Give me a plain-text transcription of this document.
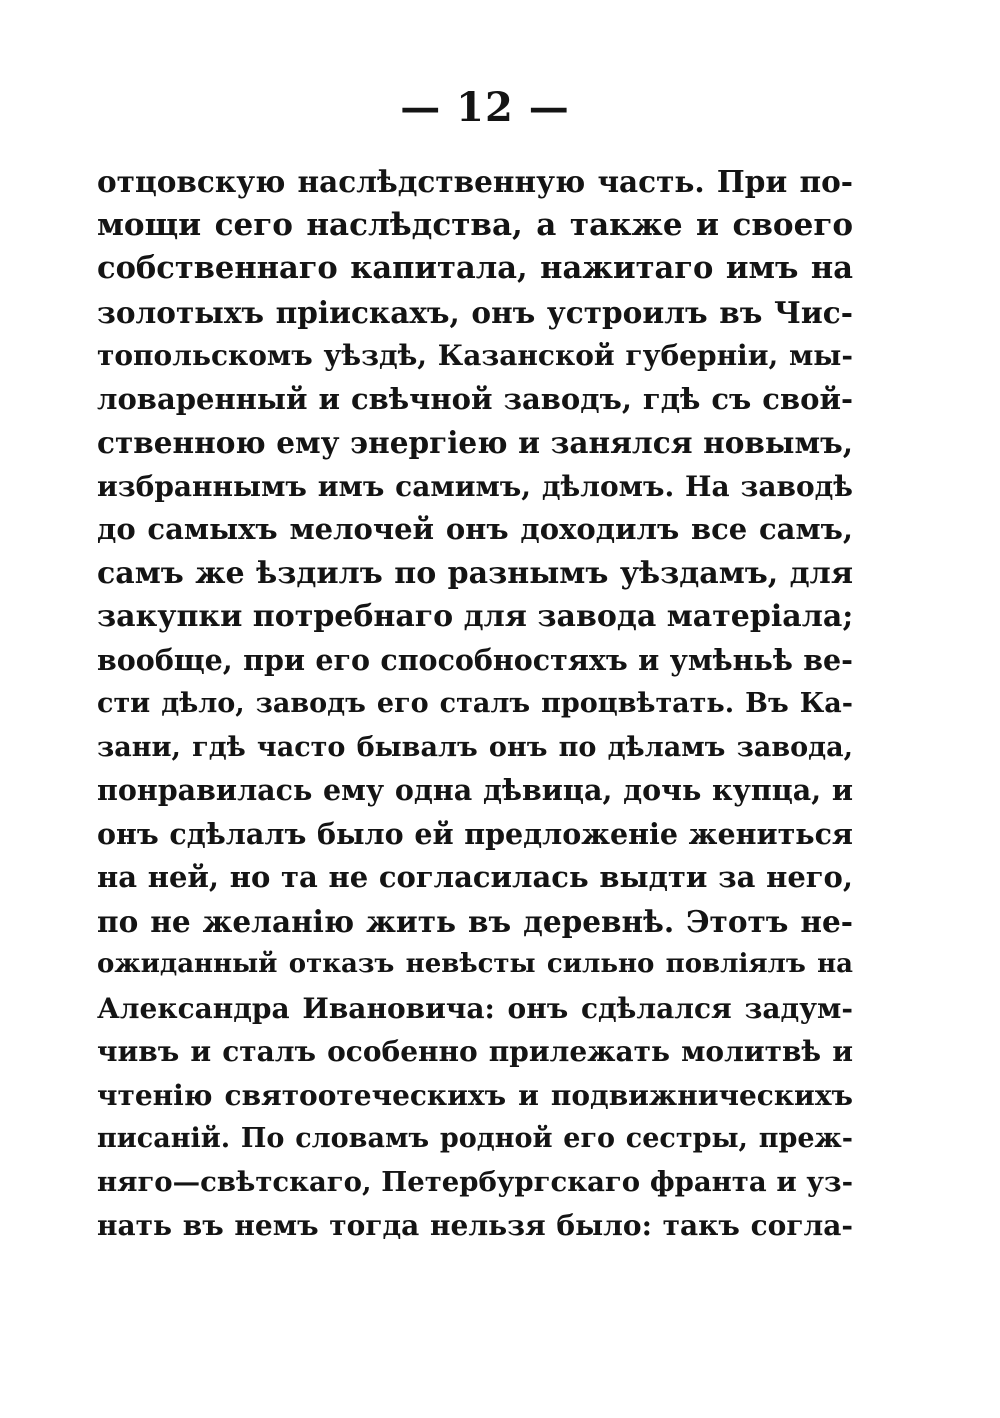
— 12 —
отцовскую наслѣдственную часть. При по-
мощи сего наслѣдства, а также и своего
собственнаго капитала, нажитаго имъ на
золотыхъ пріискахъ, онъ устроилъ въ Чис-
топольскомъ уѣздѣ, Казанской губерніи, мы-
ловаренный и свѣчной заводъ, гдѣ съ свой-
ственною ему энергіею и занялся новымъ,
избраннымъ имъ самимъ, дѣломъ. На заводѣ
до самыхъ мелочей онъ доходилъ все самъ,
самъ же ѣздилъ по разнымъ уѣздамъ, для
закупки потребнаго для завода матеріала;
вообще, при его способностяхъ и умѣньѣ ве-
сти дѣло, заводъ его сталъ процвѣтать. Въ Ка-
зани, гдѣ часто бывалъ онъ по дѣламъ завода,
понравилась ему одна дѣвица, дочь купца, и
онъ сдѣлалъ было ей предложеніе жениться
на ней, но та не согласилась выдти за него,
по не желанію жить въ деревнѣ. Этотъ не-
ожиданный отказъ невѣсты сильно повліялъ на
Александра Ивановича: онъ сдѣлался задум-
чивъ и сталъ особенно прилежать молитвѣ и
чтенію святоотеческихъ и подвижническихъ
писаній. По словамъ родной его сестры, преж-
няго—свѣтскаго, Петербургскаго франта и уз-
нать въ немъ тогда нельзя было: такъ согла-
